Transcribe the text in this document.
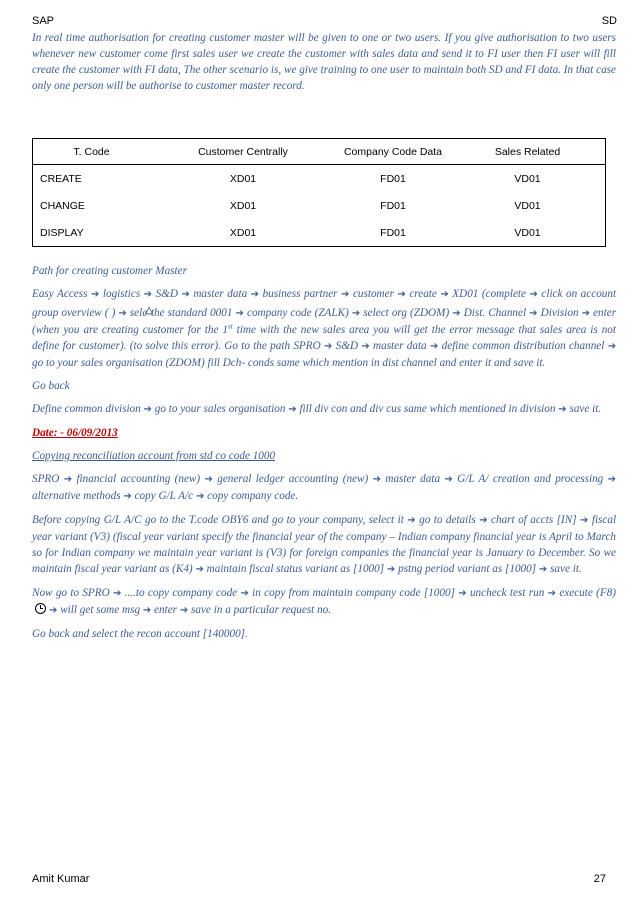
SAP	SD

In real time authorisation for creating customer master will be given to one or two users. If you give authorisation to two users whenever new customer come first sales user we create the customer with sales data and send it to FI user then FI user will fill create the customer with FI data, The other scenario is, we give training to one user to maintain both SD and FI data. In that case only one person will be authorise to customer master record.

T. Code	Customer Centrally	Company Code Data	Sales Related
CREATE	XD01	FD01	VD01
CHANGE	XD01	FD01	VD01
DISPLAY	XD01	FD01	VD01

Path for creating customer Master

Easy Access ➔ logistics ➔ S&D ➔ master data ➔ business partner ➔ customer ➔ create ➔ XD01 (complete ➔ click on account group overview ( ) ➔ sele△the standard 0001 ➔ company code (ZALK) ➔ select org (ZDOM) ➔ Dist. Channel ➔ Division ➔ enter (when you are creating customer for the 1st time with the new sales area you will get the error message that sales area is not define for customer). (to solve this error). Go to the path SPRO ➔ S&D ➔ master data ➔ define common distribution channel ➔ go to your sales organisation (ZDOM) fill Dch- conds same which mention in dist channel and enter it and save it.

Go back

Define common division ➔ go to your sales organisation ➔ fill div con and div cus same which mentioned in division ➔ save it.

Date: - 06/09/2013

Copying reconciliation account from std co code 1000

SPRO ➔ financial accounting (new) ➔ general ledger accounting (new) ➔ master data ➔ G/L A/ creation and processing ➔ alternative methods ➔ copy G/L A/c ➔ copy company code.

Before copying G/L A/C go to the T.code OBY6 and go to your company, select it ➔ go to details ➔ chart of accts [IN] ➔ fiscal year variant (V3) (fiscal year variant specify the financial year of the company – Indian company financial year is April to March so for Indian company we maintain year variant is (V3) for foreign companies the financial year is January to December. So we maintain fiscal year variant as (K4) ➔ maintain fiscal status variant as [1000] ➔ pstng period variant as [1000] ➔ save it.

Now go to SPRO ➔ ....to copy company code ➔ in copy from maintain company code [1000] ➔ uncheck test run ➔ execute (F8)➔ will get some msg ➔ enter ➔ save in a particular request no.

Go back and select the recon account [140000].

Amit Kumar	27
